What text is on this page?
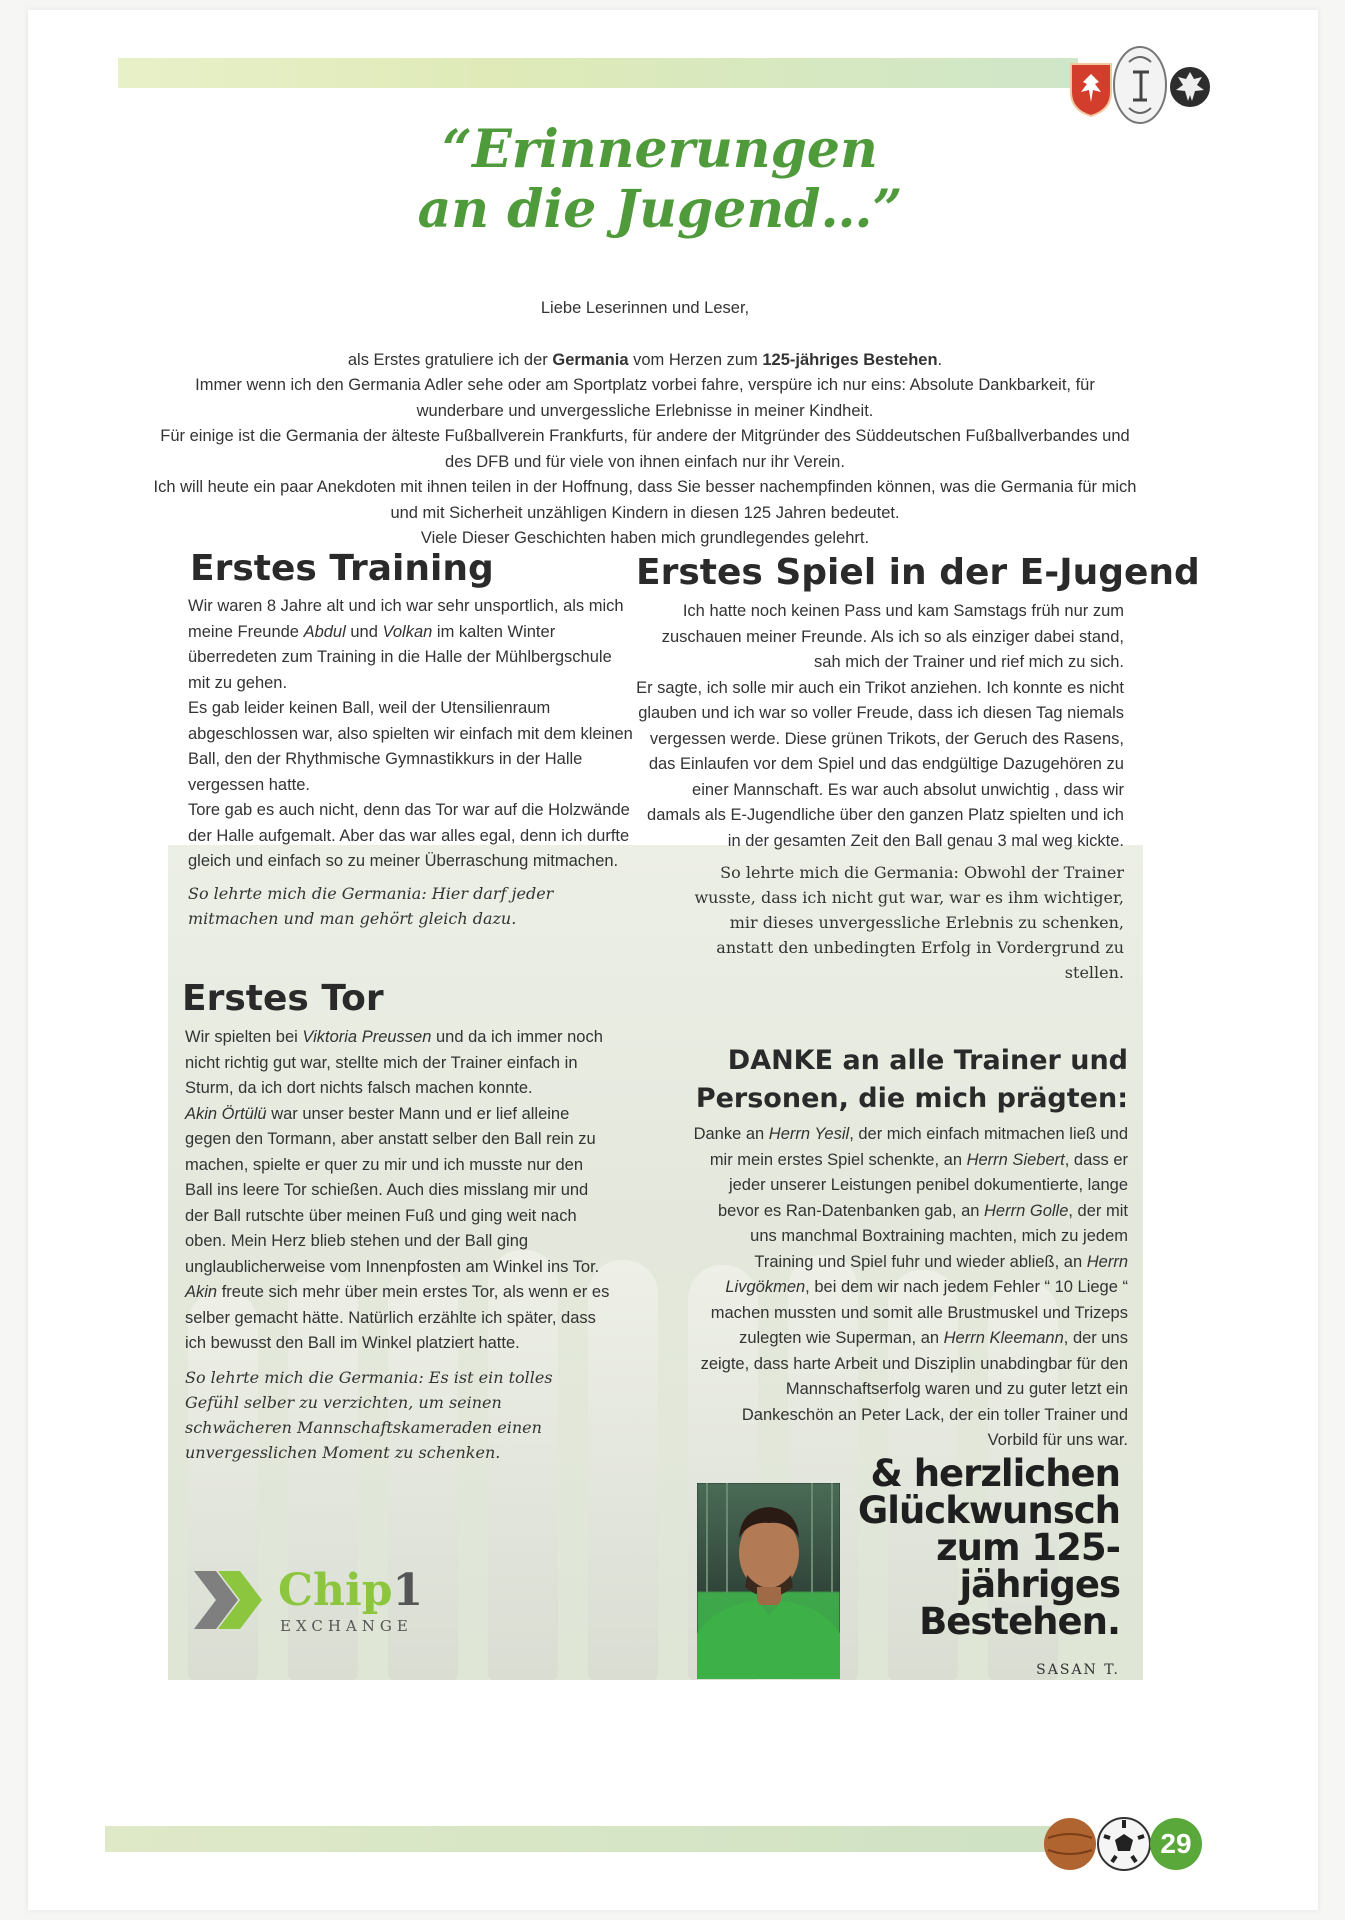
“Erinnerungen
an die Jugend…”

Liebe Leserinnen und Leser,

als Erstes gratuliere ich der Germania vom Herzen zum 125-jähriges Bestehen.

Immer wenn ich den Germania Adler sehe oder am Sportplatz vorbei fahre, verspüre ich nur eins: Absolute Dankbarkeit, für wunderbare und unvergessliche Erlebnisse in meiner Kindheit.

Für einige ist die Germania der älteste Fußballverein Frankfurts, für andere der Mitgründer des Süddeutschen Fußballverbandes und des DFB und für viele von ihnen einfach nur ihr Verein.

Ich will heute ein paar Anekdoten mit ihnen teilen in der Hoffnung, dass Sie besser nachempfinden können, was die Germania für mich und mit Sicherheit unzähligen Kindern in diesen 125 Jahren bedeutet.

Viele Dieser Geschichten haben mich grundlegendes gelehrt.

Erstes Training

Wir waren 8 Jahre alt und ich war sehr unsportlich, als mich meine Freunde Abdul und Volkan im kalten Winter überredeten zum Training in die Halle der Mühlbergschule mit zu gehen.

Es gab leider keinen Ball, weil der Utensilienraum abgeschlossen war, also spielten wir einfach mit dem kleinen Ball, den der Rhythmische Gymnastikkurs in der Halle vergessen hatte.

Tore gab es auch nicht, denn das Tor war auf die Holzwände der Halle aufgemalt. Aber das war alles egal, denn ich durfte gleich und einfach so zu meiner Überraschung mitmachen.

So lehrte mich die Germania: Hier darf jeder mitmachen und man gehört gleich dazu.

Erstes Spiel in der E-Jugend

Ich hatte noch keinen Pass und kam Samstags früh nur zum zuschauen meiner Freunde. Als ich so als einziger dabei stand, sah mich der Trainer und rief mich zu sich.

Er sagte, ich solle mir auch ein Trikot anziehen. Ich konnte es nicht glauben und ich war so voller Freude, dass ich diesen Tag niemals vergessen werde. Diese grünen Trikots, der Geruch des Rasens, das Einlaufen vor dem Spiel und das endgültige Dazugehören zu einer Mannschaft. Es war auch absolut unwichtig , dass wir damals als E-Jugendliche über den ganzen Platz spielten und ich in der gesamten Zeit den Ball genau 3 mal weg kickte.

So lehrte mich die Germania: Obwohl der Trainer wusste, dass ich nicht gut war, war es ihm wichtiger, mir dieses unvergessliche Erlebnis zu schenken, anstatt den unbedingten Erfolg in Vordergrund zu stellen.

Erstes Tor

Wir spielten bei Viktoria Preussen und da ich immer noch nicht richtig gut war, stellte mich der Trainer einfach in Sturm, da ich dort nichts falsch machen konnte.

Akin Örtülü war unser bester Mann und er lief alleine gegen den Tormann, aber anstatt selber den Ball rein zu machen, spielte er quer zu mir und ich musste nur den Ball ins leere Tor schießen. Auch dies misslang mir und der Ball rutschte über meinen Fuß und ging weit nach oben. Mein Herz blieb stehen und der Ball ging unglaublicherweise vom Innenpfosten am Winkel ins Tor. Akin freute sich mehr über mein erstes Tor, als wenn er es selber gemacht hätte. Natürlich erzählte ich später, dass ich bewusst den Ball im Winkel platziert hatte.

So lehrte mich die Germania: Es ist ein tolles Gefühl selber zu verzichten, um seinen schwächeren Mannschaftskameraden einen unvergesslichen Moment zu schenken.

DANKE an alle Trainer und
Personen, die mich prägten:

Danke an Herrn Yesil, der mich einfach mitmachen ließ und mir mein erstes Spiel schenkte, an Herrn Siebert, dass er jeder unserer Leistungen penibel dokumentierte, lange bevor es Ran-Datenbanken gab, an Herrn Golle, der mit uns manchmal Boxtraining machten, mich zu jedem Training und Spiel fuhr und wieder abließ, an Herrn Livgökmen, bei dem wir nach jedem Fehler “ 10 Liege “ machen mussten und somit alle Brustmuskel und Trizeps zulegten wie Superman, an Herrn Kleemann, der uns zeigte, dass harte Arbeit und Disziplin unabdingbar für den Mannschaftserfolg waren und zu guter letzt ein Dankeschön an Peter Lack, der ein toller Trainer und Vorbild für uns war.

& herzlichen
Glückwunsch
zum 125-
jähriges
Bestehen.
SASAN T.
Chip1
EXCHANGE
29
